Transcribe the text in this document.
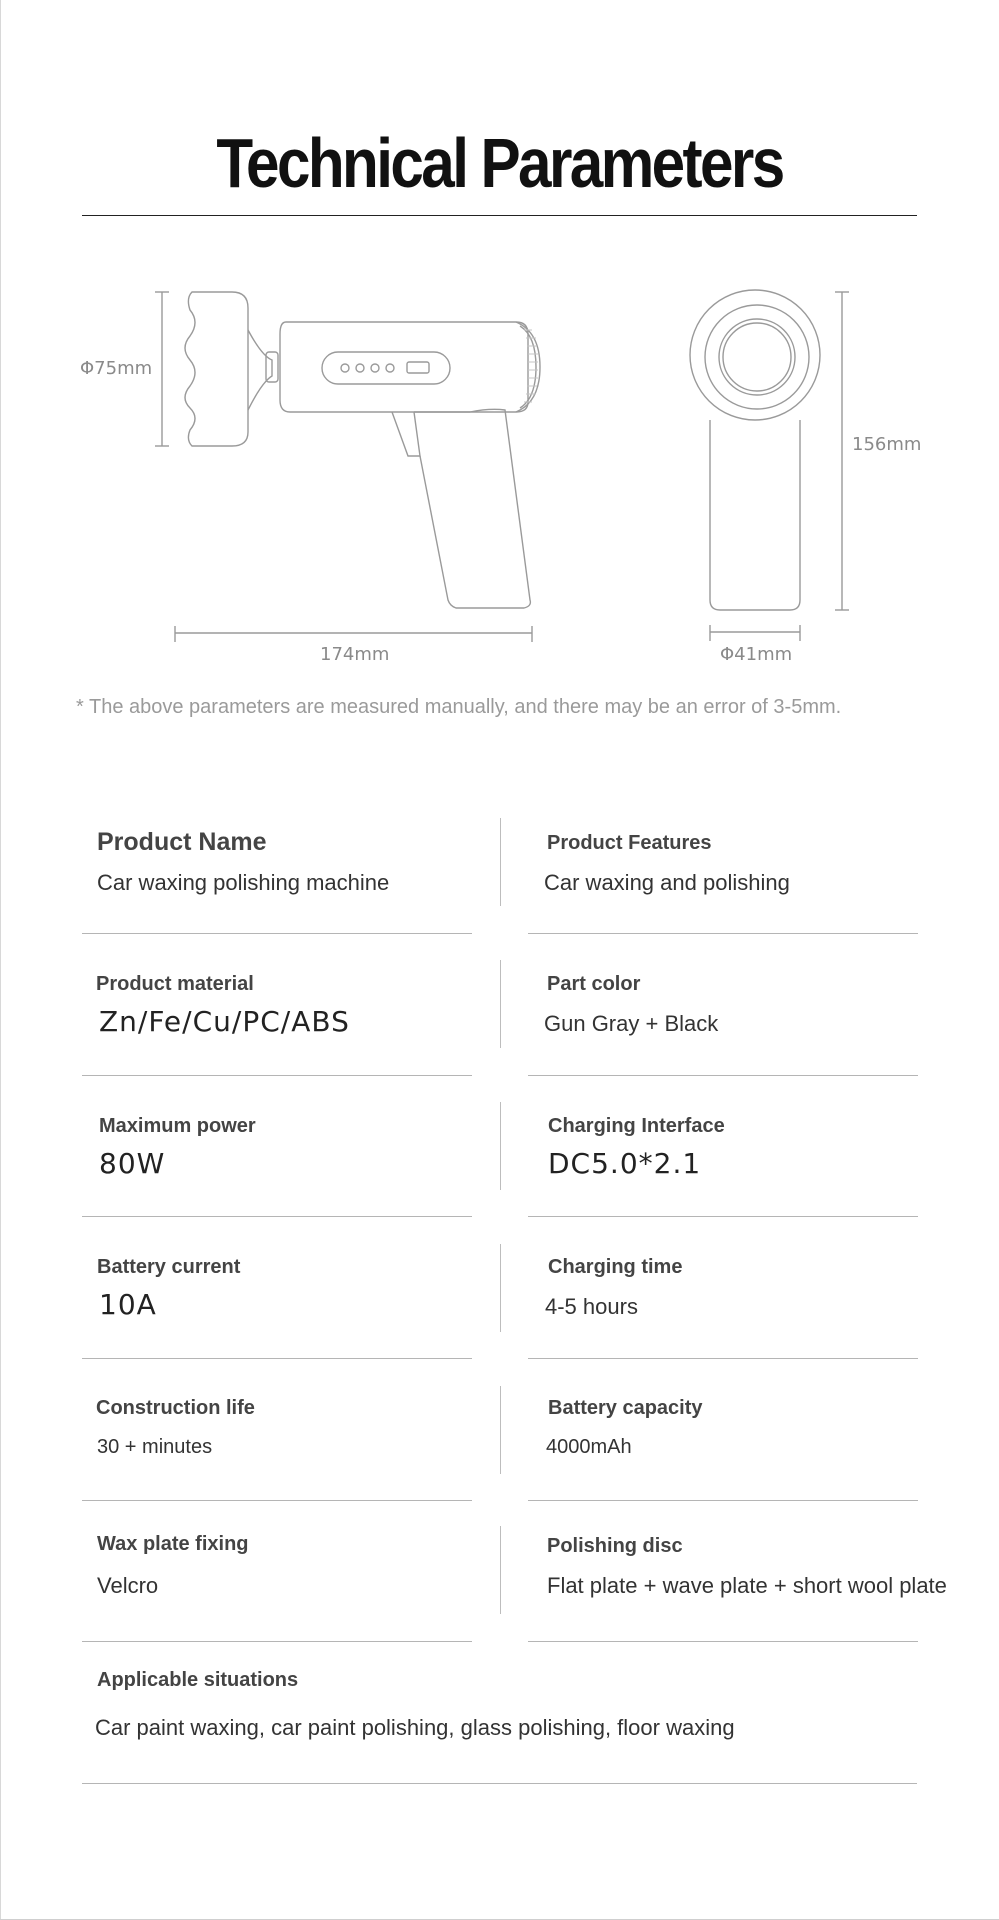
Technical Parameters
Φ75mm
174mm
156mm
Φ41mm
* The above parameters are measured manually, and there may be an error of 3-5mm.
Product Name
Car waxing polishing machine
Product Features
Car waxing and polishing
Product material
Zn/Fe/Cu/PC/ABS
Part color
Gun Gray + Black
Maximum power
80W
Charging Interface
DC5.0*2.1
Battery current
10A
Charging time
4-5 hours
Construction life
30 + minutes
Battery capacity
4000mAh
Wax plate fixing
Velcro
Polishing disc
Flat plate + wave plate + short wool plate
Applicable situations
Car paint waxing, car paint polishing, glass polishing, floor waxing
